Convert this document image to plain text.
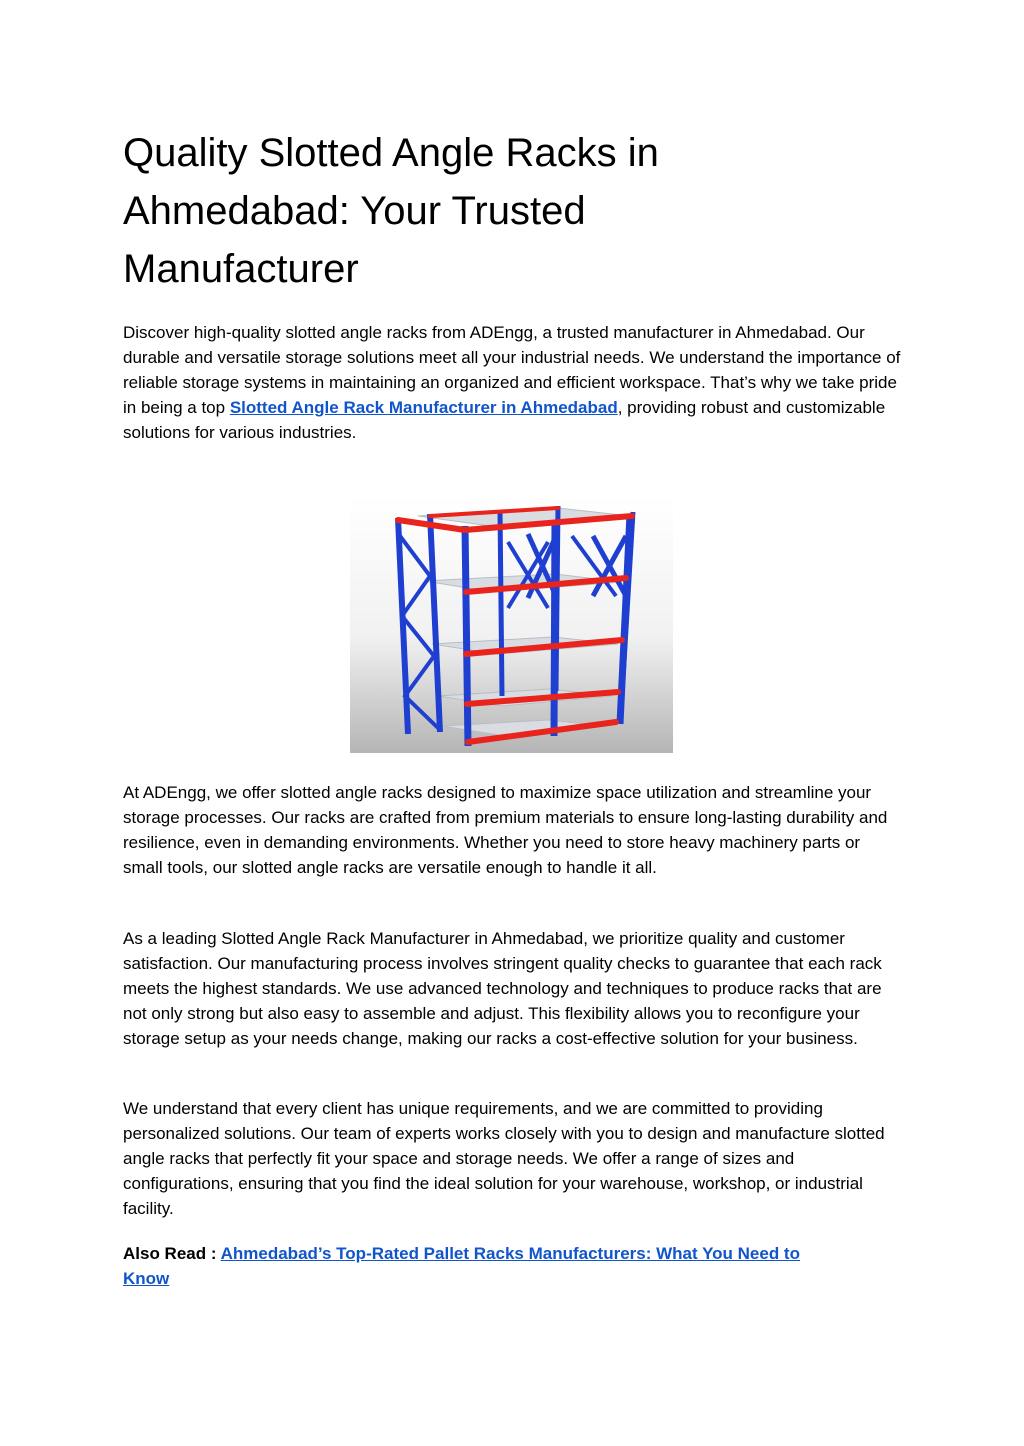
Quality Slotted Angle Racks in Ahmedabad: Your Trusted Manufacturer

Discover high-quality slotted angle racks from ADEngg, a trusted manufacturer in Ahmedabad. Our durable and versatile storage solutions meet all your industrial needs. We understand the importance of reliable storage systems in maintaining an organized and efficient workspace. That’s why we take pride in being a top Slotted Angle Rack Manufacturer in Ahmedabad, providing robust and customizable solutions for various industries.

At ADEngg, we offer slotted angle racks designed to maximize space utilization and streamline your storage processes. Our racks are crafted from premium materials to ensure long-lasting durability and resilience, even in demanding environments. Whether you need to store heavy machinery parts or small tools, our slotted angle racks are versatile enough to handle it all.

As a leading Slotted Angle Rack Manufacturer in Ahmedabad, we prioritize quality and customer satisfaction. Our manufacturing process involves stringent quality checks to guarantee that each rack meets the highest standards. We use advanced technology and techniques to produce racks that are not only strong but also easy to assemble and adjust. This flexibility allows you to reconfigure your storage setup as your needs change, making our racks a cost-effective solution for your business.

We understand that every client has unique requirements, and we are committed to providing personalized solutions. Our team of experts works closely with you to design and manufacture slotted angle racks that perfectly fit your space and storage needs. We offer a range of sizes and configurations, ensuring that you find the ideal solution for your warehouse, workshop, or industrial facility.

Also Read : Ahmedabad’s Top-Rated Pallet Racks Manufacturers: What You Need to Know
